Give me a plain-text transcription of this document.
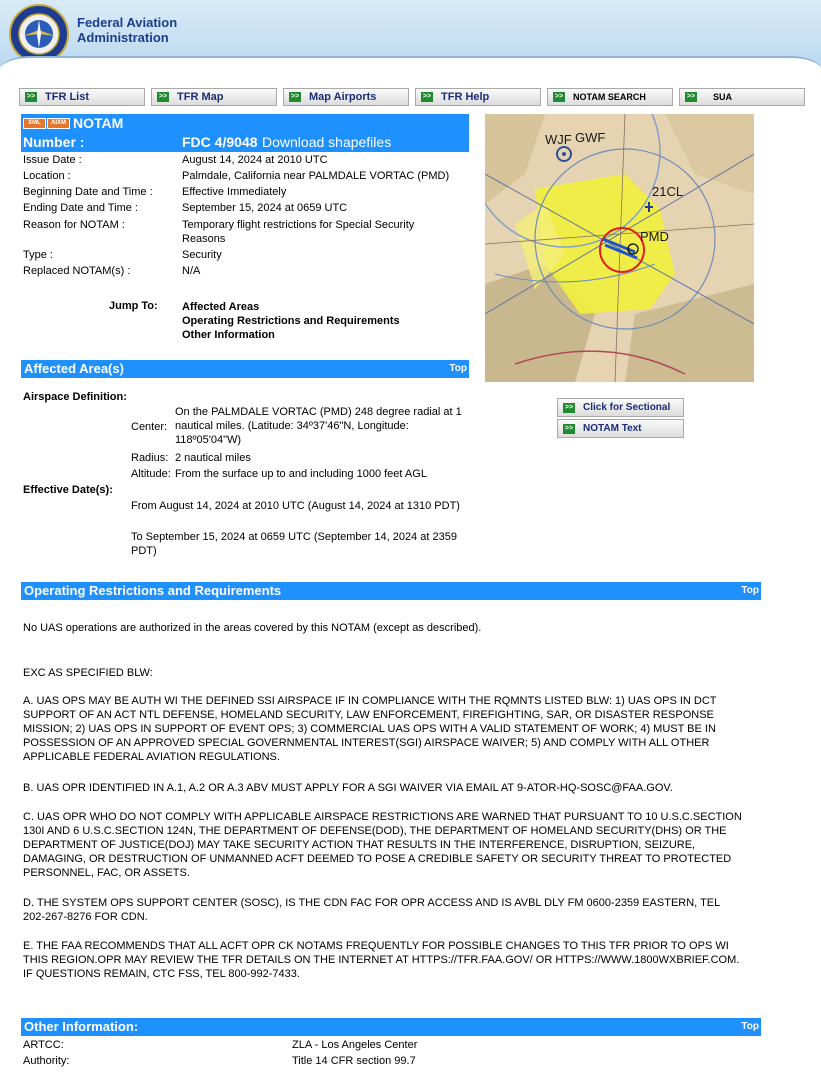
Federal Aviation
Administration
>> TFR List	>> TFR Map	>> Map Airports	>> TFR Help	>> NOTAM SEARCH	>> SUA
XML	AIXM NOTAM
Number :	FDC 4/9048 Download shapefiles
Issue Date :	August 14, 2024 at 2010 UTC
Location :	Palmdale, California near PALMDALE VORTAC (PMD)
Beginning Date and Time :	Effective Immediately
Ending Date and Time :	September 15, 2024 at 0659 UTC
Reason for NOTAM :	Temporary flight restrictions for Special Security Reasons
Type :	Security
Replaced NOTAM(s) :	N/A
Jump To: Affected Areas
Operating Restrictions and Requirements
Other Information
WJF GWF
21CL
PMD
>> Click for Sectional
>> NOTAM Text
Affected Area(s)	Top
Airspace Definition:
Center:
On the PALMDALE VORTAC (PMD) 248 degree radial at 1 nautical miles. (Latitude: 34º37'46"N, Longitude: 118º05'04"W)
Radius: 2 nautical miles
Altitude: From the surface up to and including 1000 feet AGL
Effective Date(s):
From August 14, 2024 at 2010 UTC (August 14, 2024 at 1310 PDT)
To September 15, 2024 at 0659 UTC (September 14, 2024 at 2359 PDT)
Operating Restrictions and Requirements	Top
No UAS operations are authorized in the areas covered by this NOTAM (except as described).
EXC AS SPECIFIED BLW:
A. UAS OPS MAY BE AUTH WI THE DEFINED SSI AIRSPACE IF IN COMPLIANCE WITH THE RQMNTS LISTED BLW: 1) UAS OPS IN DCT SUPPORT OF AN ACT NTL DEFENSE, HOMELAND SECURITY, LAW ENFORCEMENT, FIREFIGHTING, SAR, OR DISASTER RESPONSE MISSION; 2) UAS OPS IN SUPPORT OF EVENT OPS; 3) COMMERCIAL UAS OPS WITH A VALID STATEMENT OF WORK; 4) MUST BE IN POSSESSION OF AN APPROVED SPECIAL GOVERNMENTAL INTEREST(SGI) AIRSPACE WAIVER; 5) AND COMPLY WITH ALL OTHER APPLICABLE FEDERAL AVIATION REGULATIONS.
B. UAS OPR IDENTIFIED IN A.1, A.2 OR A.3 ABV MUST APPLY FOR A SGI WAIVER VIA EMAIL AT 9-ATOR-HQ-SOSC@FAA.GOV.
C. UAS OPR WHO DO NOT COMPLY WITH APPLICABLE AIRSPACE RESTRICTIONS ARE WARNED THAT PURSUANT TO 10 U.S.C.SECTION 130I AND 6 U.S.C.SECTION 124N, THE DEPARTMENT OF DEFENSE(DOD), THE DEPARTMENT OF HOMELAND SECURITY(DHS) OR THE DEPARTMENT OF JUSTICE(DOJ) MAY TAKE SECURITY ACTION THAT RESULTS IN THE INTERFERENCE, DISRUPTION, SEIZURE, DAMAGING, OR DESTRUCTION OF UNMANNED ACFT DEEMED TO POSE A CREDIBLE SAFETY OR SECURITY THREAT TO PROTECTED PERSONNEL, FAC, OR ASSETS.
D. THE SYSTEM OPS SUPPORT CENTER (SOSC), IS THE CDN FAC FOR OPR ACCESS AND IS AVBL DLY FM 0600-2359 EASTERN, TEL 202-267-8276 FOR CDN.
E. THE FAA RECOMMENDS THAT ALL ACFT OPR CK NOTAMS FREQUENTLY FOR POSSIBLE CHANGES TO THIS TFR PRIOR TO OPS WI THIS REGION.OPR MAY REVIEW THE TFR DETAILS ON THE INTERNET AT HTTPS://TFR.FAA.GOV/ OR HTTPS://WWW.1800WXBRIEF.COM. IF QUESTIONS REMAIN, CTC FSS, TEL 800-992-7433.
Other Information:	Top
ARTCC:	ZLA - Los Angeles Center
Authority:	Title 14 CFR section 99.7
